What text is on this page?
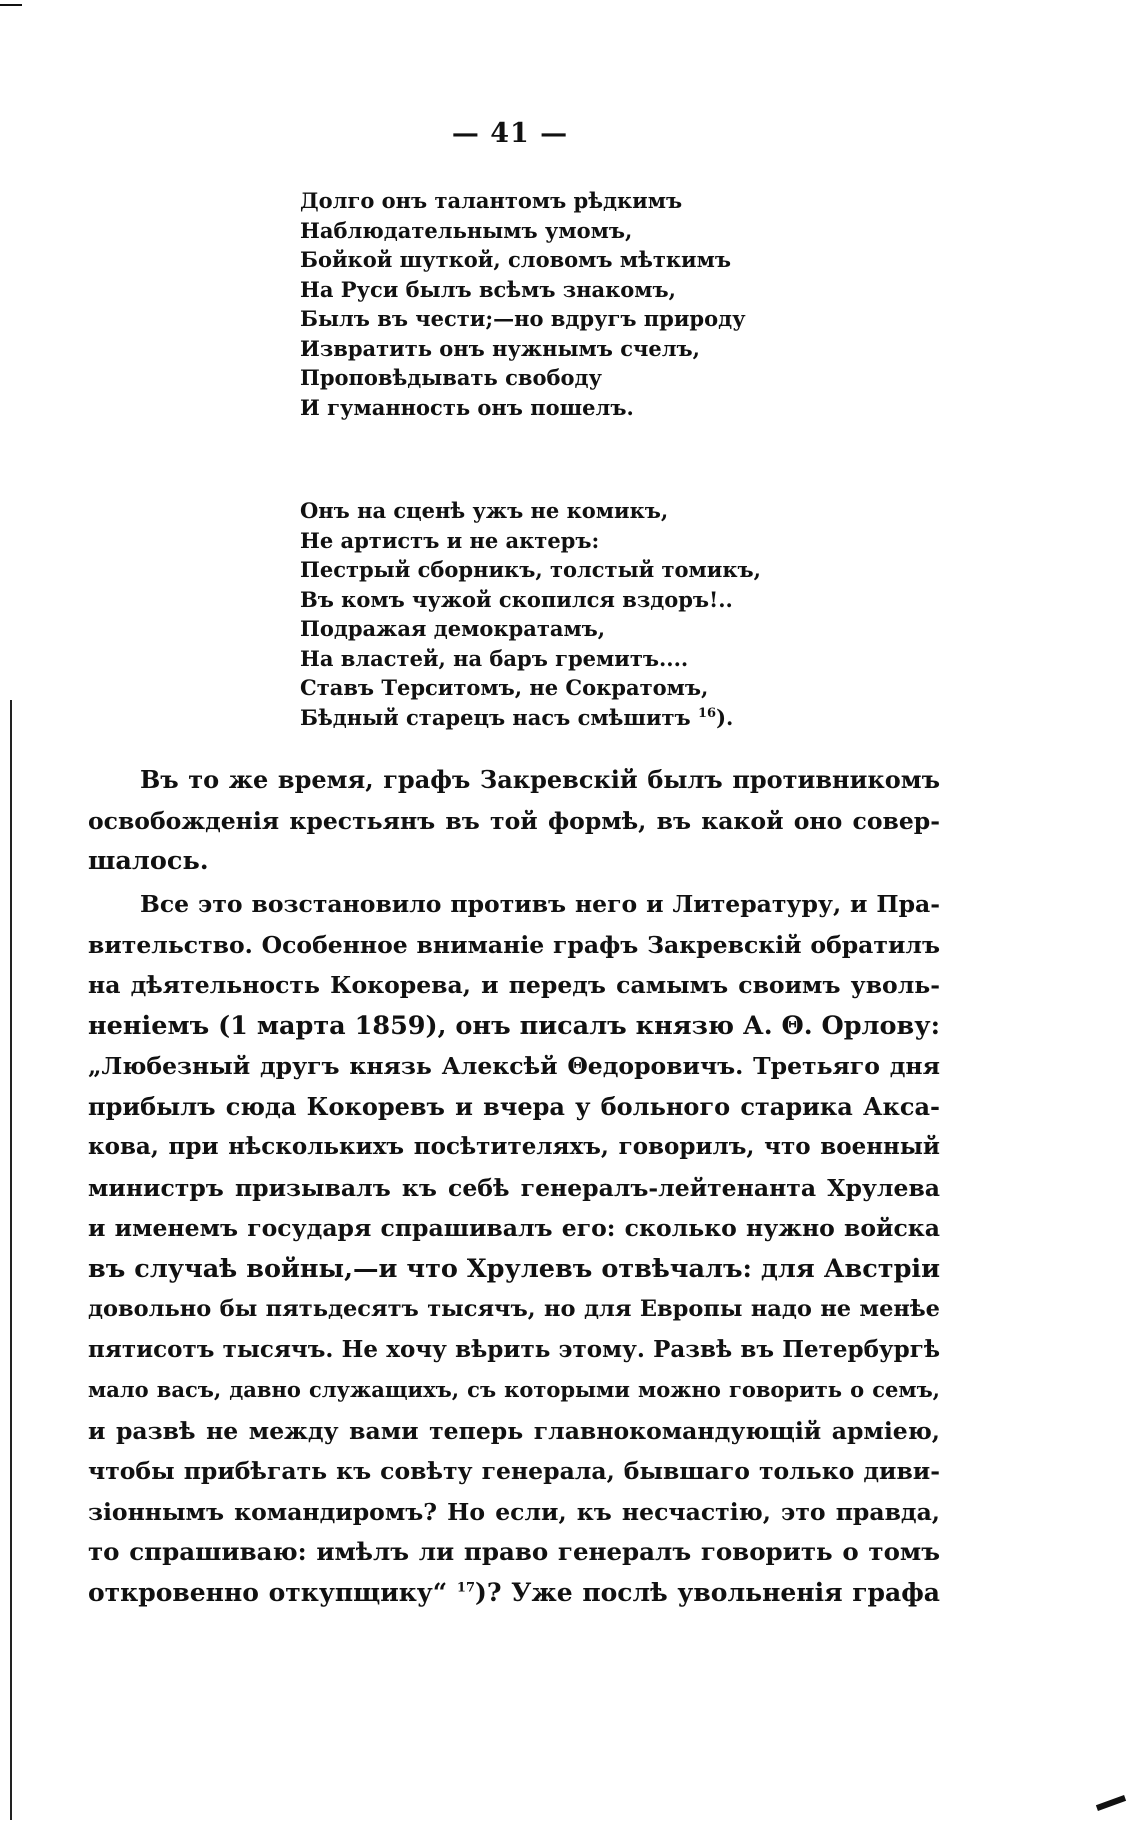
— 41 —
Долго онъ талантомъ рѣдкимъ
Наблюдательнымъ умомъ,
Бойкой шуткой, словомъ мѣткимъ
На Руси былъ всѣмъ знакомъ,
Былъ въ чести;—но вдругъ природу
Извратить онъ нужнымъ счелъ,
Проповѣдывать свободу
И гуманность онъ пошелъ.
Онъ на сценѣ ужъ не комикъ,
Не артистъ и не актеръ:
Пестрый сборникъ, толстый томикъ,
Въ комъ чужой скопился вздоръ!..
Подражая демократамъ,
На властей, на баръ гремитъ....
Ставъ Терситомъ, не Сократомъ,
Бѣдный старецъ насъ смѣшитъ $^{16}$).
Въ то же время, графъ Закревскій былъ противникомъ
освобожденія крестьянъ въ той формѣ, въ какой оно совер-
шалось.
Все это возстановило противъ него и Литературу, и Пра-
вительство. Особенное вниманіе графъ Закревскій обратилъ
на дѣятельность Кокорева, и передъ самымъ своимъ уволь-
неніемъ (1 марта 1859), онъ писалъ князю А. Θ. Орлову:
„Любезный другъ князь Алексѣй Θедоровичъ. Третьяго дня
прибылъ сюда Кокоревъ и вчера у больного старика Акса-
кова, при нѣсколькихъ посѣтителяхъ, говорилъ, что военный
министръ призывалъ къ себѣ генералъ-лейтенанта Хрулева
и именемъ государя спрашивалъ его: сколько нужно войска
въ случаѣ войны,—и что Хрулевъ отвѣчалъ: для Австріи
довольно бы пятьдесятъ тысячъ, но для Европы надо не менѣе
пятисотъ тысячъ. Не хочу вѣрить этому. Развѣ въ Петербургѣ
мало васъ, давно служащихъ, съ которыми можно говорить о семъ,
и развѣ не между вами теперь главнокомандующій арміею,
чтобы прибѣгать къ совѣту генерала, бывшаго только диви-
зіоннымъ командиромъ? Но если, къ несчастію, это правда,
то спрашиваю: имѣлъ ли право генералъ говорить о томъ
откровенно откупщику“ $^{17}$)? Уже послѣ увольненія графа
